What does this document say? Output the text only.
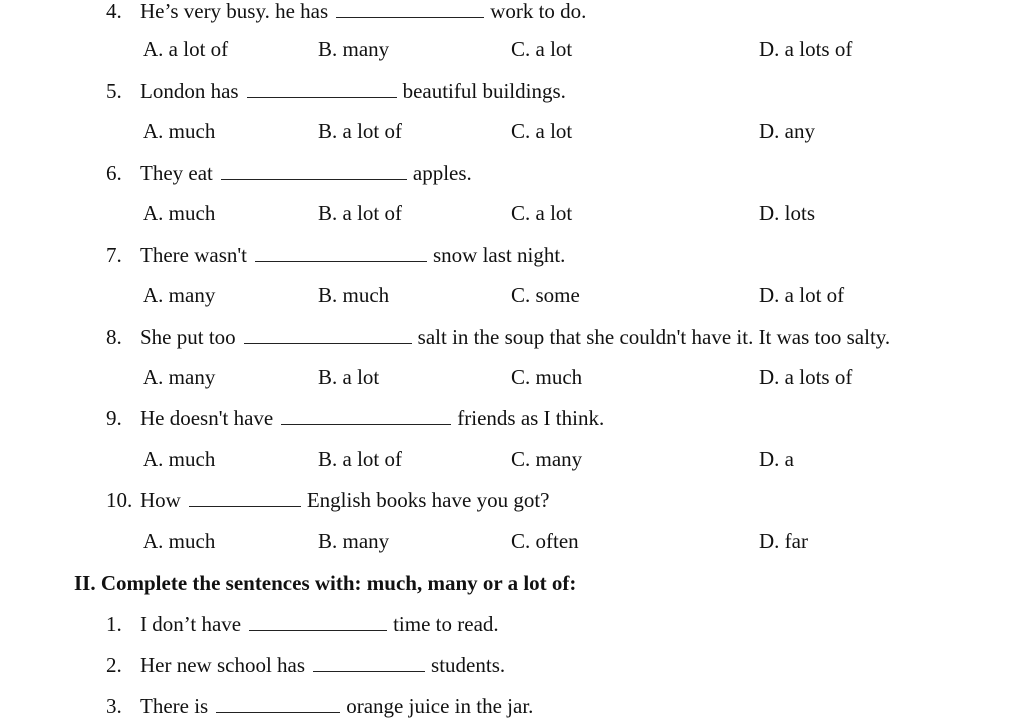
4. He’s very busy. he has	work to do.
A. a lot of	B. many	C. a lot	D. a lots of
5. London has	beautiful buildings.
A. much	B. a lot of	C. a lot	D. any
6. They eat	apples.
A. much	B. a lot of	C. a lot	D. lots
7. There wasn't	snow last night.
A. many	B. much	C. some	D. a lot of
8. She put too	salt in the soup that she couldn't have it. It was too salty.
A. many	B. a lot	C. much	D. a lots of
9. He doesn't have	friends as I think.
A. much	B. a lot of	C. many	D. a
10. How	English books have you got?
A. much	B. many	C. often	D. far
II. Complete the sentences with: much, many or a lot of:
1. I don’t have	time to read.
2. Her new school has	students.
3. There is	orange juice in the jar.
